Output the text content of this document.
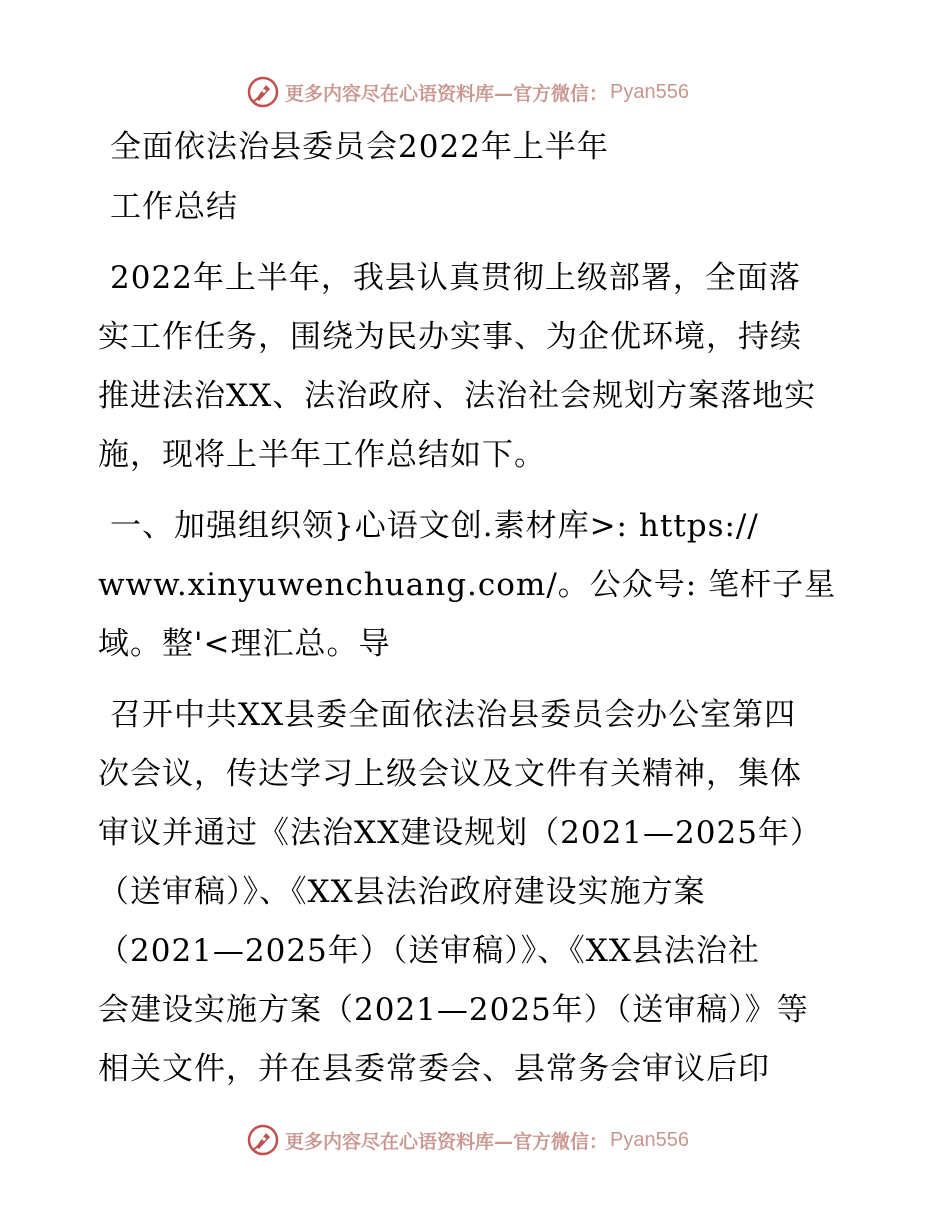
更多内容尽在心语资料库—官方微信： Pyan556
全面依法治县委员会2022年上半年
工作总结
2022年上半年，我县认真贯彻上级部署，全面落
实工作任务，围绕为民办实事、为企优环境，持续
推进法治XX、法治政府、法治社会规划方案落地实
施，现将上半年工作总结如下。
一、加强组织领}心语文创.素材库>: https://
www.xinyuwenchuang.com/。公众号: 笔杆子星
域。整'<理汇总。导
召开中共XX县委全面依法治县委员会办公室第四
次会议，传达学习上级会议及文件有关精神，集体
审议并通过《法治XX建设规划（2021—2025年）
（送审稿）》、《XX县法治政府建设实施方案
（2021—2025年）（送审稿）》、《XX县法治社
会建设实施方案（2021—2025年）（送审稿）》等
相关文件，并在县委常委会、县常务会审议后印
更多内容尽在心语资料库—官方微信： Pyan556
